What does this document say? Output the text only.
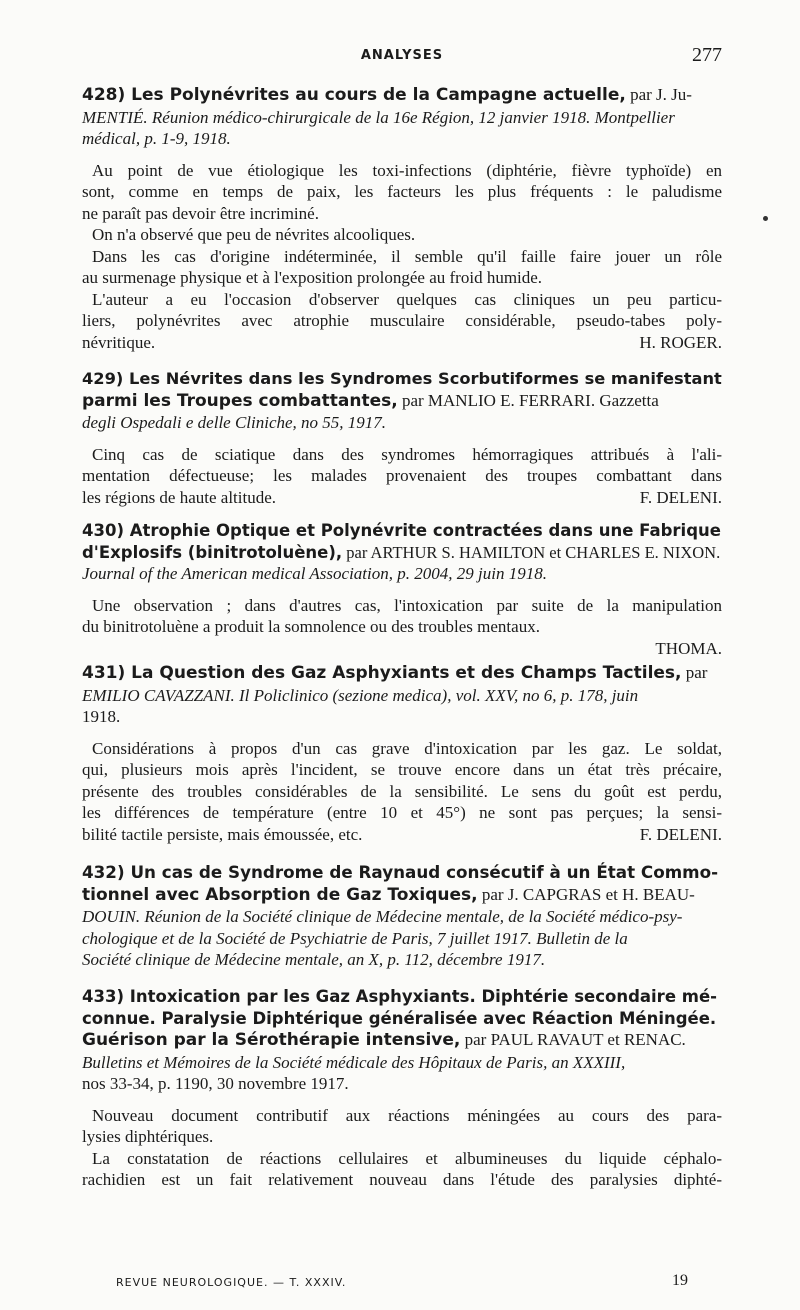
ANALYSES	277
428) Les Polynévrites au cours de la Campagne actuelle, par J. Ju-
MENTIÉ. Réunion médico-chirurgicale de la 16e Région, 12 janvier 1918. Montpellier
médical, p. 1-9, 1918.
Au point de vue étiologique les toxi-infections (diphtérie, fièvre typhoïde) en
sont, comme en temps de paix, les facteurs les plus fréquents : le paludisme
ne paraît pas devoir être incriminé.
On n'a observé que peu de névrites alcooliques.
Dans les cas d'origine indéterminée, il semble qu'il faille faire jouer un rôle
au surmenage physique et à l'exposition prolongée au froid humide.
L'auteur a eu l'occasion d'observer quelques cas cliniques un peu particu-
liers, polynévrites avec atrophie musculaire considérable, pseudo-tabes poly-
névritique.	H. ROGER.
429) Les Névrites dans les Syndromes Scorbutiformes se manifestant
parmi les Troupes combattantes, par MANLIO E. FERRARI. Gazzetta
degli Ospedali e delle Cliniche, no 55, 1917.
Cinq cas de sciatique dans des syndromes hémorragiques attribués à l'ali-
mentation défectueuse; les malades provenaient des troupes combattant dans
les régions de haute altitude.	F. DELENI.
430) Atrophie Optique et Polynévrite contractées dans une Fabrique
d'Explosifs (binitrotoluène), par ARTHUR S. HAMILTON et CHARLES E. NIXON.
Journal of the American medical Association, p. 2004, 29 juin 1918.
Une observation ; dans d'autres cas, l'intoxication par suite de la manipulation
du binitrotoluène a produit la somnolence ou des troubles mentaux.
THOMA.
431) La Question des Gaz Asphyxiants et des Champs Tactiles, par
EMILIO CAVAZZANI. Il Policlinico (sezione medica), vol. XXV, no 6, p. 178, juin
1918.
Considérations à propos d'un cas grave d'intoxication par les gaz. Le soldat,
qui, plusieurs mois après l'incident, se trouve encore dans un état très précaire,
présente des troubles considérables de la sensibilité. Le sens du goût est perdu,
les différences de température (entre 10 et 45°) ne sont pas perçues; la sensi-
bilité tactile persiste, mais émoussée, etc.	F. DELENI.
432) Un cas de Syndrome de Raynaud consécutif à un État Commo-
tionnel avec Absorption de Gaz Toxiques, par J. CAPGRAS et H. BEAU-
DOUIN. Réunion de la Société clinique de Médecine mentale, de la Société médico-psy-
chologique et de la Société de Psychiatrie de Paris, 7 juillet 1917. Bulletin de la
Société clinique de Médecine mentale, an X, p. 112, décembre 1917.
433) Intoxication par les Gaz Asphyxiants. Diphtérie secondaire mé-
connue. Paralysie Diphtérique généralisée avec Réaction Méningée.
Guérison par la Sérothérapie intensive, par PAUL RAVAUT et RENAC.
Bulletins et Mémoires de la Société médicale des Hôpitaux de Paris, an XXXIII,
nos 33-34, p. 1190, 30 novembre 1917.
Nouveau document contributif aux réactions méningées au cours des para-
lysies diphtériques.
La constatation de réactions cellulaires et albumineuses du liquide céphalo-
rachidien est un fait relativement nouveau dans l'étude des paralysies diphté-
REVUE NEUROLOGIQUE. — T. XXXIV.	19
